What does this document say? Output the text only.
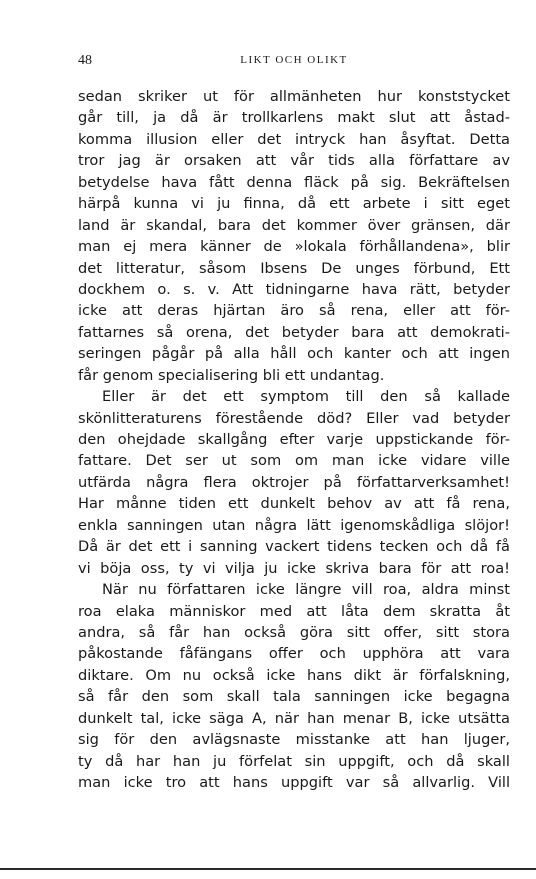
48	LIKT OCH OLIKT
sedan skriker ut för allmänheten hur konststycket
går till, ja då är trollkarlens makt slut att åstad-
komma illusion eller det intryck han åsyftat. Detta
tror jag är orsaken att vår tids alla författare av
betydelse hava fått denna fläck på sig. Bekräftelsen
härpå kunna vi ju finna, då ett arbete i sitt eget
land är skandal, bara det kommer över gränsen, där
man ej mera känner de »lokala förhållandena», blir
det litteratur, såsom Ibsens De unges förbund, Ett
dockhem o. s. v. Att tidningarne hava rätt, betyder
icke att deras hjärtan äro så rena, eller att för-
fattarnes så orena, det betyder bara att demokrati-
seringen pågår på alla håll och kanter och att ingen
får genom specialisering bli ett undantag.
Eller är det ett symptom till den så kallade
skönlitteraturens förestående död? Eller vad betyder
den ohejdade skallgång efter varje uppstickande för-
fattare. Det ser ut som om man icke vidare ville
utfärda några flera oktrojer på författarverksamhet!
Har månne tiden ett dunkelt behov av att få rena,
enkla sanningen utan några lätt igenomskådliga slöjor!
Då är det ett i sanning vackert tidens tecken och då få
vi böja oss, ty vi vilja ju icke skriva bara för att roa!
När nu författaren icke längre vill roa, aldra minst
roa elaka människor med att låta dem skratta åt
andra, så får han också göra sitt offer, sitt stora
påkostande fåfängans offer och upphöra att vara
diktare. Om nu också icke hans dikt är förfalskning,
så får den som skall tala sanningen icke begagna
dunkelt tal, icke säga A, när han menar B, icke utsätta
sig för den avlägsnaste misstanke att han ljuger,
ty då har han ju förfelat sin uppgift, och då skall
man icke tro att hans uppgift var så allvarlig. Vill
